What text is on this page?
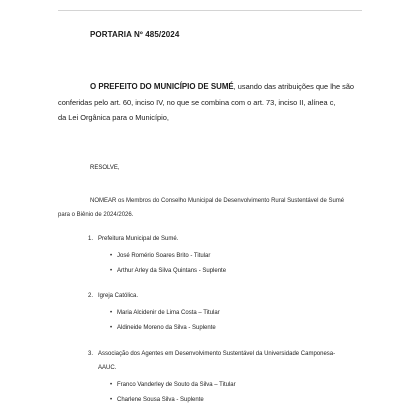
PORTARIA Nº 485/2024
O PREFEITO DO MUNICÍPIO DE SUMÉ, usando das atribuições que lhe são
conferidas pelo art. 60, inciso IV, no que se combina com o art. 73, inciso II, alínea c,
da Lei Orgânica para o Município,
RESOLVE,
NOMEAR os Membros do Conselho Municipal de Desenvolvimento Rural Sustentável de Sumé
para o Biênio de 2024/2026.
1. Prefeitura Municipal de Sumé.
• José Romério Soares Brito - Titular
• Arthur Arley da Silva Quintans - Suplente
2. Igreja Católica.
• Maria Alcidenir de Lima Costa – Titular
• Aldineide Moreno da Silva - Suplente
3. Associação dos Agentes em Desenvolvimento Sustentável da Universidade Camponesa-
AAUC.
• Franco Vanderley de Souto da Silva – Titular
• Charlene Sousa Silva - Suplente
